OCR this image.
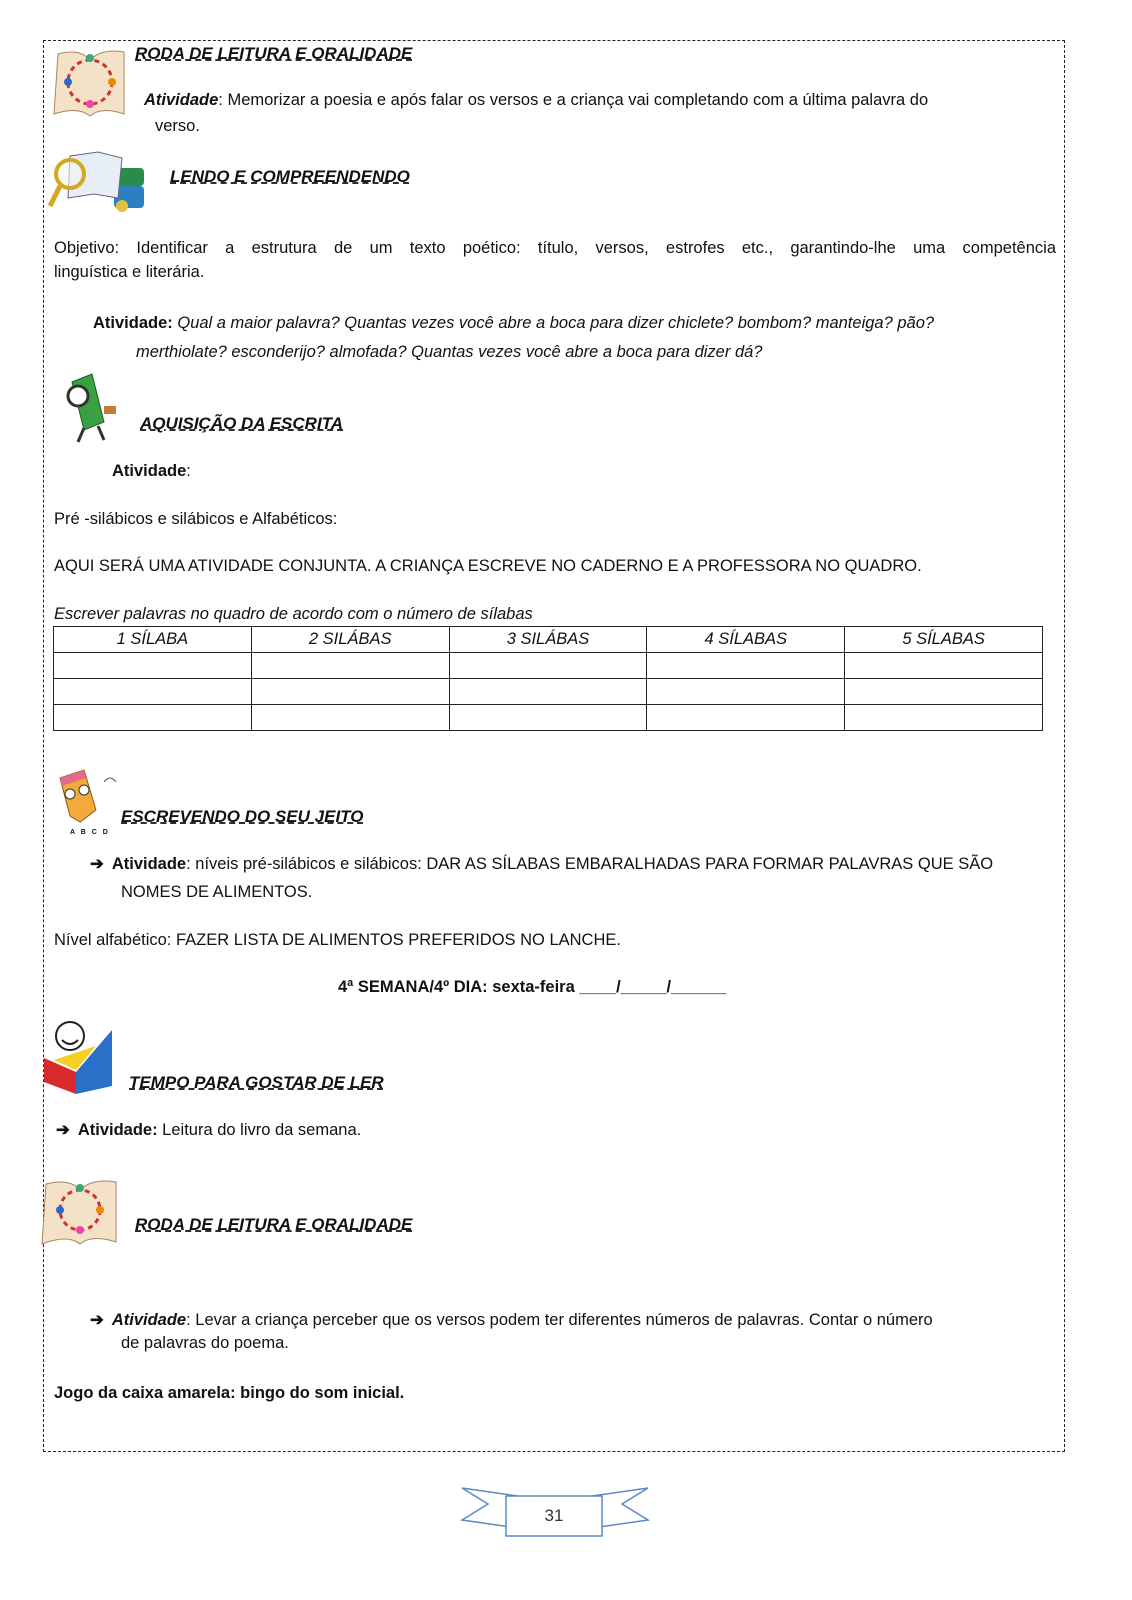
RODA DE LEITURA E ORALIDADE

Atividade: Memorizar a poesia e após falar os versos e a criança vai completando com a última palavra do

verso.

LENDO E COMPREENDENDO

Objetivo: Identificar a estrutura de um texto poético: título, versos, estrofes etc., garantindo-lhe uma competência

linguística e literária.

Atividade: Qual a maior palavra? Quantas vezes você abre a boca para dizer chiclete? bombom? manteiga? pão?

merthiolate? esconderijo? almofada? Quantas vezes você abre a boca para dizer dá?

AQUISIÇÃO DA ESCRITA

Atividade:

Pré -silábicos e silábicos e Alfabéticos:

AQUI SERÁ UMA ATIVIDADE CONJUNTA. A CRIANÇA ESCREVE NO CADERNO E A PROFESSORA NO QUADRO.

Escrever palavras no quadro de acordo com o número de sílabas

1 SÍLABA	2 SILÁBAS	3 SILÁBAS	4 SÍLABAS	5 SÍLABAS

A B C D
ESCREVENDO DO SEU JEITO

➔ Atividade: níveis pré-silábicos e silábicos: DAR AS SÍLABAS EMBARALHADAS PARA FORMAR PALAVRAS QUE SÃO

NOMES DE ALIMENTOS.

Nível alfabético: FAZER LISTA DE ALIMENTOS PREFERIDOS NO LANCHE.

4ª SEMANA/4º DIA: sexta-feira ____/_____/______

TEMPO PARA GOSTAR DE LER

➔ Atividade: Leitura do livro da semana.

RODA DE LEITURA E ORALIDADE

➔ Atividade: Levar a criança perceber que os versos podem ter diferentes números de palavras. Contar o número

de palavras do poema.

Jogo da caixa amarela: bingo do som inicial.

31
